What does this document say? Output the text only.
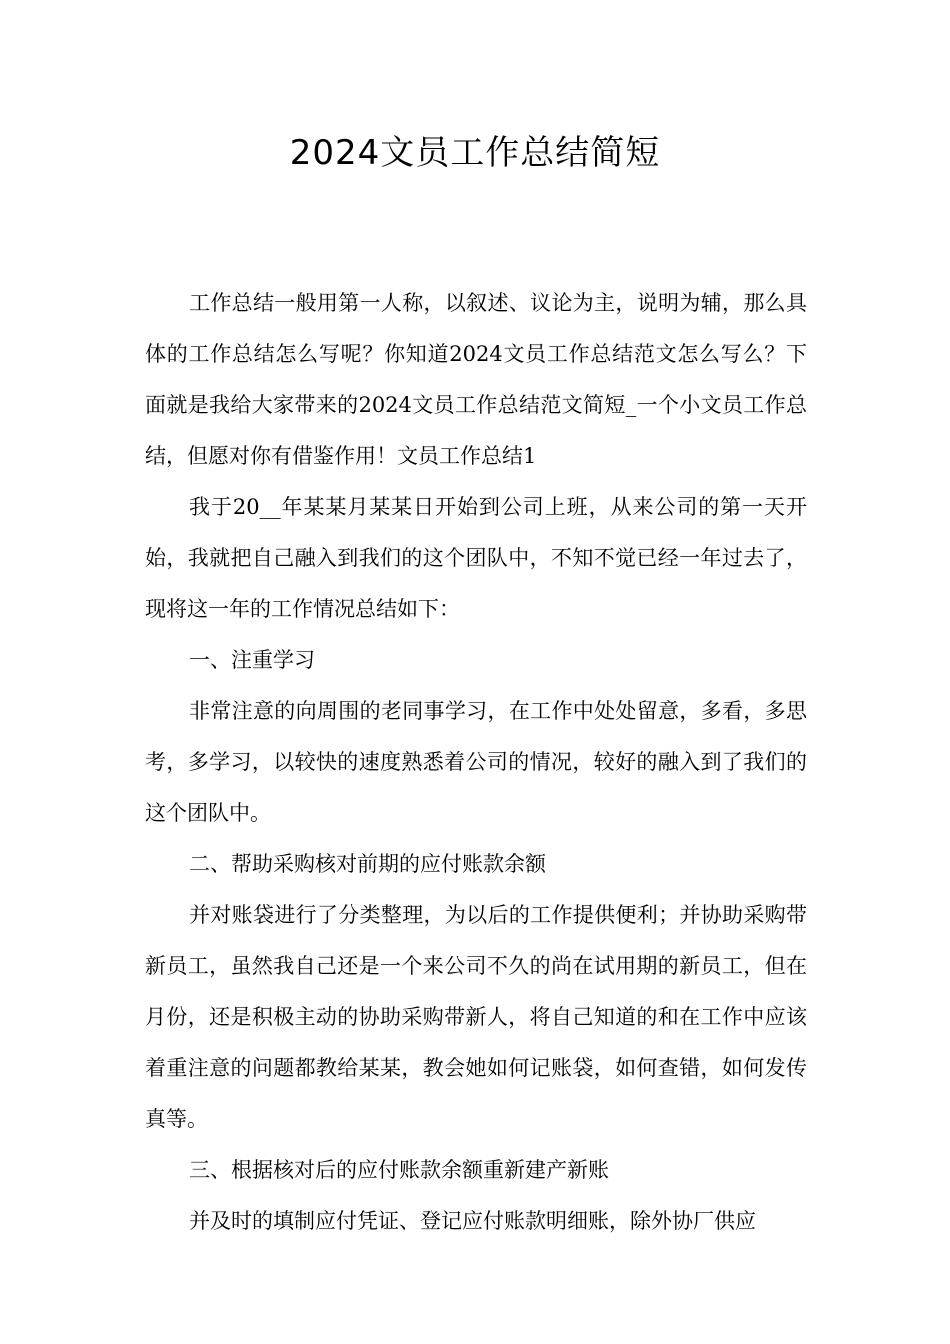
2024文员工作总结简短

工作总结一般用第一人称，以叙述、议论为主，说明为辅，那么具体的工作总结怎么写呢？你知道2024文员工作总结范文怎么写么？下面就是我给大家带来的2024文员工作总结范文简短_一个小文员工作总结，但愿对你有借鉴作用！文员工作总结1

我于20__年某某月某某日开始到公司上班，从来公司的第一天开始，我就把自己融入到我们的这个团队中，不知不觉已经一年过去了，现将这一年的工作情况总结如下：

一、注重学习

非常注意的向周围的老同事学习，在工作中处处留意，多看，多思考，多学习，以较快的速度熟悉着公司的情况，较好的融入到了我们的这个团队中。

二、帮助采购核对前期的应付账款余额

并对账袋进行了分类整理，为以后的工作提供便利；并协助采购带新员工，虽然我自己还是一个来公司不久的尚在试用期的新员工，但在月份，还是积极主动的协助采购带新人，将自己知道的和在工作中应该着重注意的问题都教给某某，教会她如何记账袋，如何查错，如何发传真等。

三、根据核对后的应付账款余额重新建产新账

并及时的填制应付凭证、登记应付账款明细账，除外协厂供应
